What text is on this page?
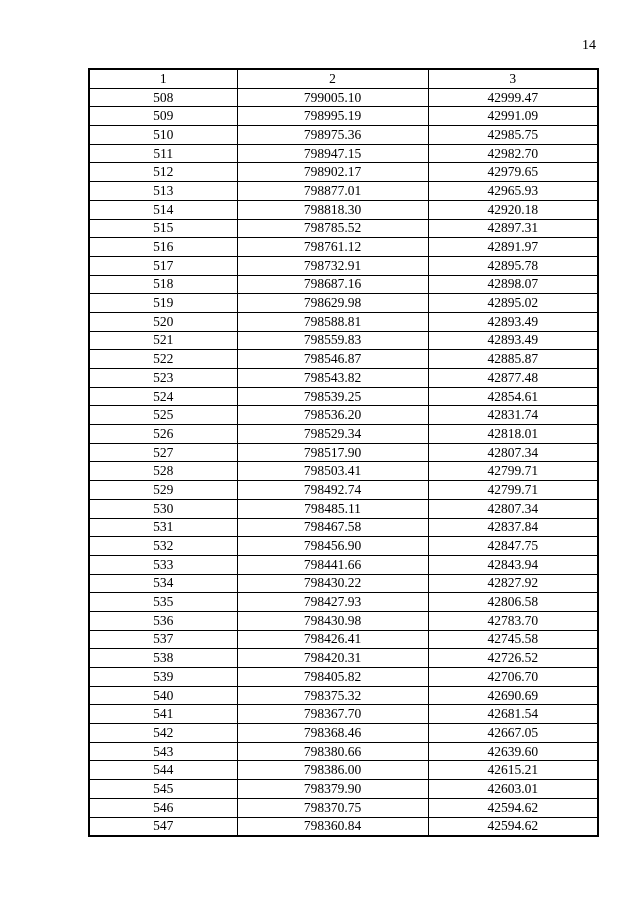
14
1	2	3
508	799005.10	42999.47
509	798995.19	42991.09
510	798975.36	42985.75
511	798947.15	42982.70
512	798902.17	42979.65
513	798877.01	42965.93
514	798818.30	42920.18
515	798785.52	42897.31
516	798761.12	42891.97
517	798732.91	42895.78
518	798687.16	42898.07
519	798629.98	42895.02
520	798588.81	42893.49
521	798559.83	42893.49
522	798546.87	42885.87
523	798543.82	42877.48
524	798539.25	42854.61
525	798536.20	42831.74
526	798529.34	42818.01
527	798517.90	42807.34
528	798503.41	42799.71
529	798492.74	42799.71
530	798485.11	42807.34
531	798467.58	42837.84
532	798456.90	42847.75
533	798441.66	42843.94
534	798430.22	42827.92
535	798427.93	42806.58
536	798430.98	42783.70
537	798426.41	42745.58
538	798420.31	42726.52
539	798405.82	42706.70
540	798375.32	42690.69
541	798367.70	42681.54
542	798368.46	42667.05
543	798380.66	42639.60
544	798386.00	42615.21
545	798379.90	42603.01
546	798370.75	42594.62
547	798360.84	42594.62
